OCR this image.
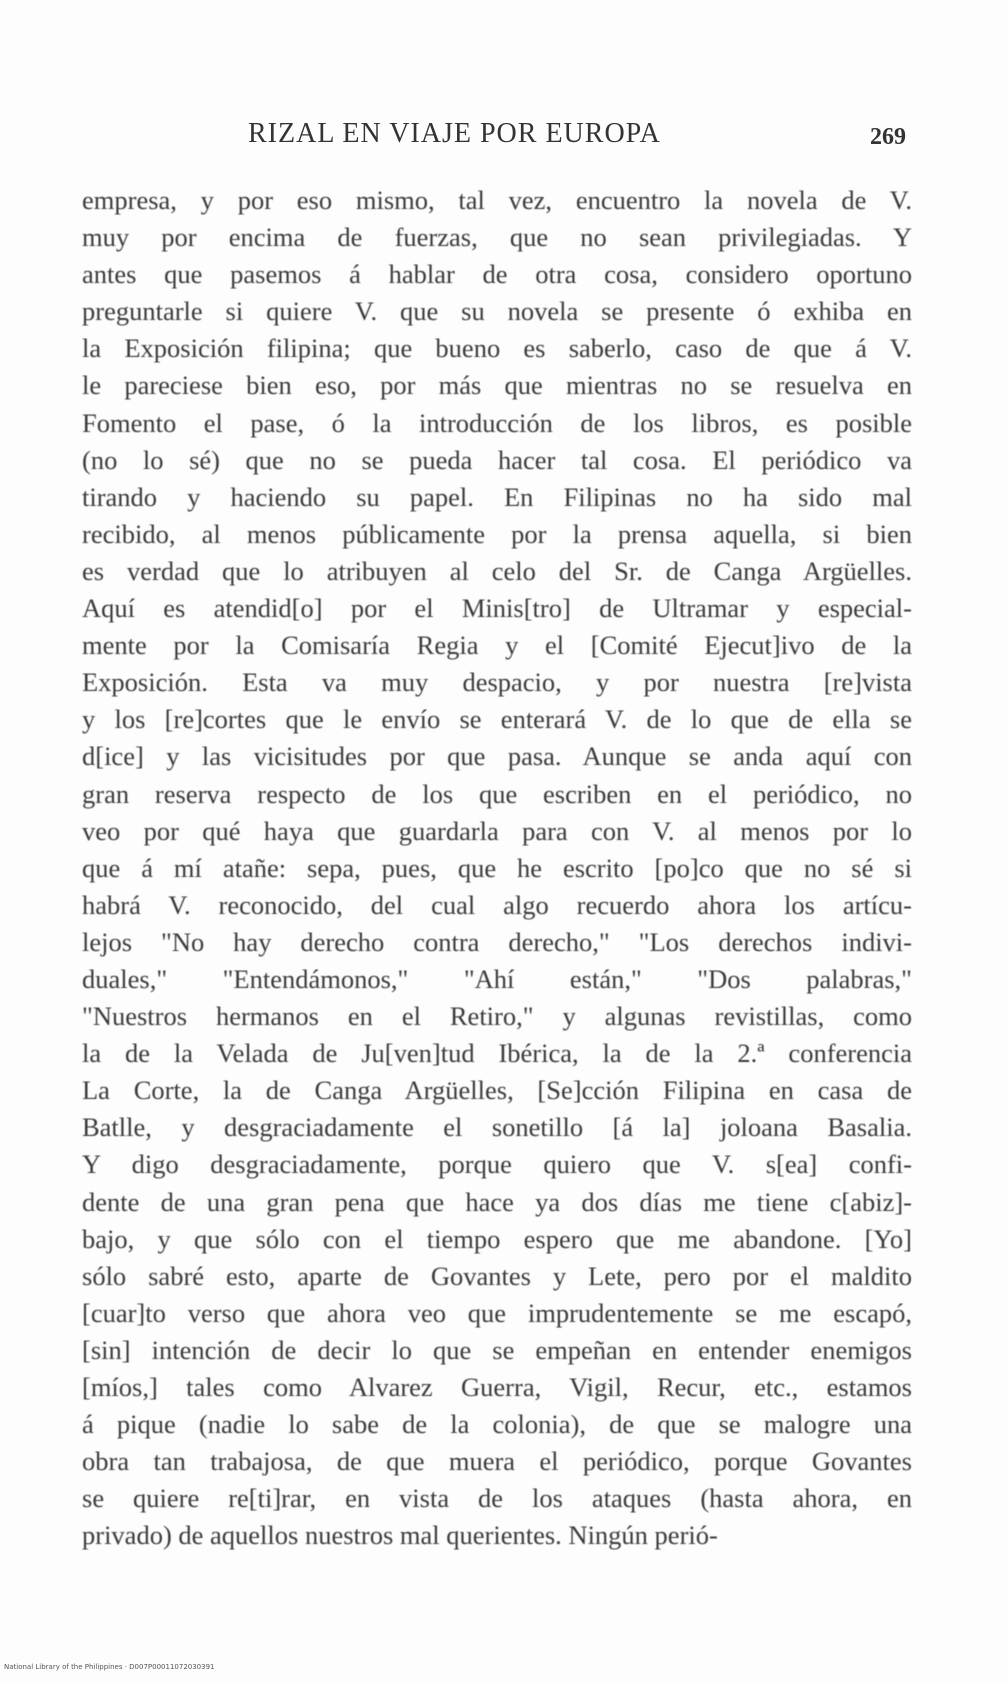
RIZAL EN VIAJE POR EUROPA	269
empresa, y por eso mismo, tal vez, encuentro la novela de V.
muy por encima de fuerzas, que no sean privilegiadas. Y
antes que pasemos á hablar de otra cosa, considero oportuno
preguntarle si quiere V. que su novela se presente ó exhiba en
la Exposición filipina; que bueno es saberlo, caso de que á V.
le pareciese bien eso, por más que mientras no se resuelva en
Fomento el pase, ó la introducción de los libros, es posible
(no lo sé) que no se pueda hacer tal cosa. El periódico va
tirando y haciendo su papel. En Filipinas no ha sido mal
recibido, al menos públicamente por la prensa aquella, si bien
es verdad que lo atribuyen al celo del Sr. de Canga Argüelles.
Aquí es atendid[o] por el Minis[tro] de Ultramar y especial-
mente por la Comisaría Regia y el [Comité Ejecut]ivo de la
Exposición. Esta va muy despacio, y por nuestra [re]vista
y los [re]cortes que le envío se enterará V. de lo que de ella se
d[ice] y las vicisitudes por que pasa. Aunque se anda aquí con
gran reserva respecto de los que escriben en el periódico, no
veo por qué haya que guardarla para con V. al menos por lo
que á mí atañe: sepa, pues, que he escrito [po]co que no sé si
habrá V. reconocido, del cual algo recuerdo ahora los artícu-
lejos "No hay derecho contra derecho," "Los derechos indivi-
duales," "Entendámonos," "Ahí están," "Dos palabras,"
"Nuestros hermanos en el Retiro," y algunas revistillas, como
la de la Velada de Ju[ven]tud Ibérica, la de la 2.ª conferencia
La Corte, la de Canga Argüelles, [Se]cción Filipina en casa de
Batlle, y desgraciadamente el sonetillo [á la] joloana Basalia.
Y digo desgraciadamente, porque quiero que V. s[ea] confi-
dente de una gran pena que hace ya dos días me tiene c[abiz]-
bajo, y que sólo con el tiempo espero que me abandone. [Yo]
sólo sabré esto, aparte de Govantes y Lete, pero por el maldito
[cuar]to verso que ahora veo que imprudentemente se me escapó,
[sin] intención de decir lo que se empeñan en entender enemigos
[míos,] tales como Alvarez Guerra, Vigil, Recur, etc., estamos
á pique (nadie lo sabe de la colonia), de que se malogre una
obra tan trabajosa, de que muera el periódico, porque Govantes
se quiere re[ti]rar, en vista de los ataques (hasta ahora, en
privado) de aquellos nuestros mal querientes. Ningún perió-
National Library of the Philippines · D007P00011072030391
